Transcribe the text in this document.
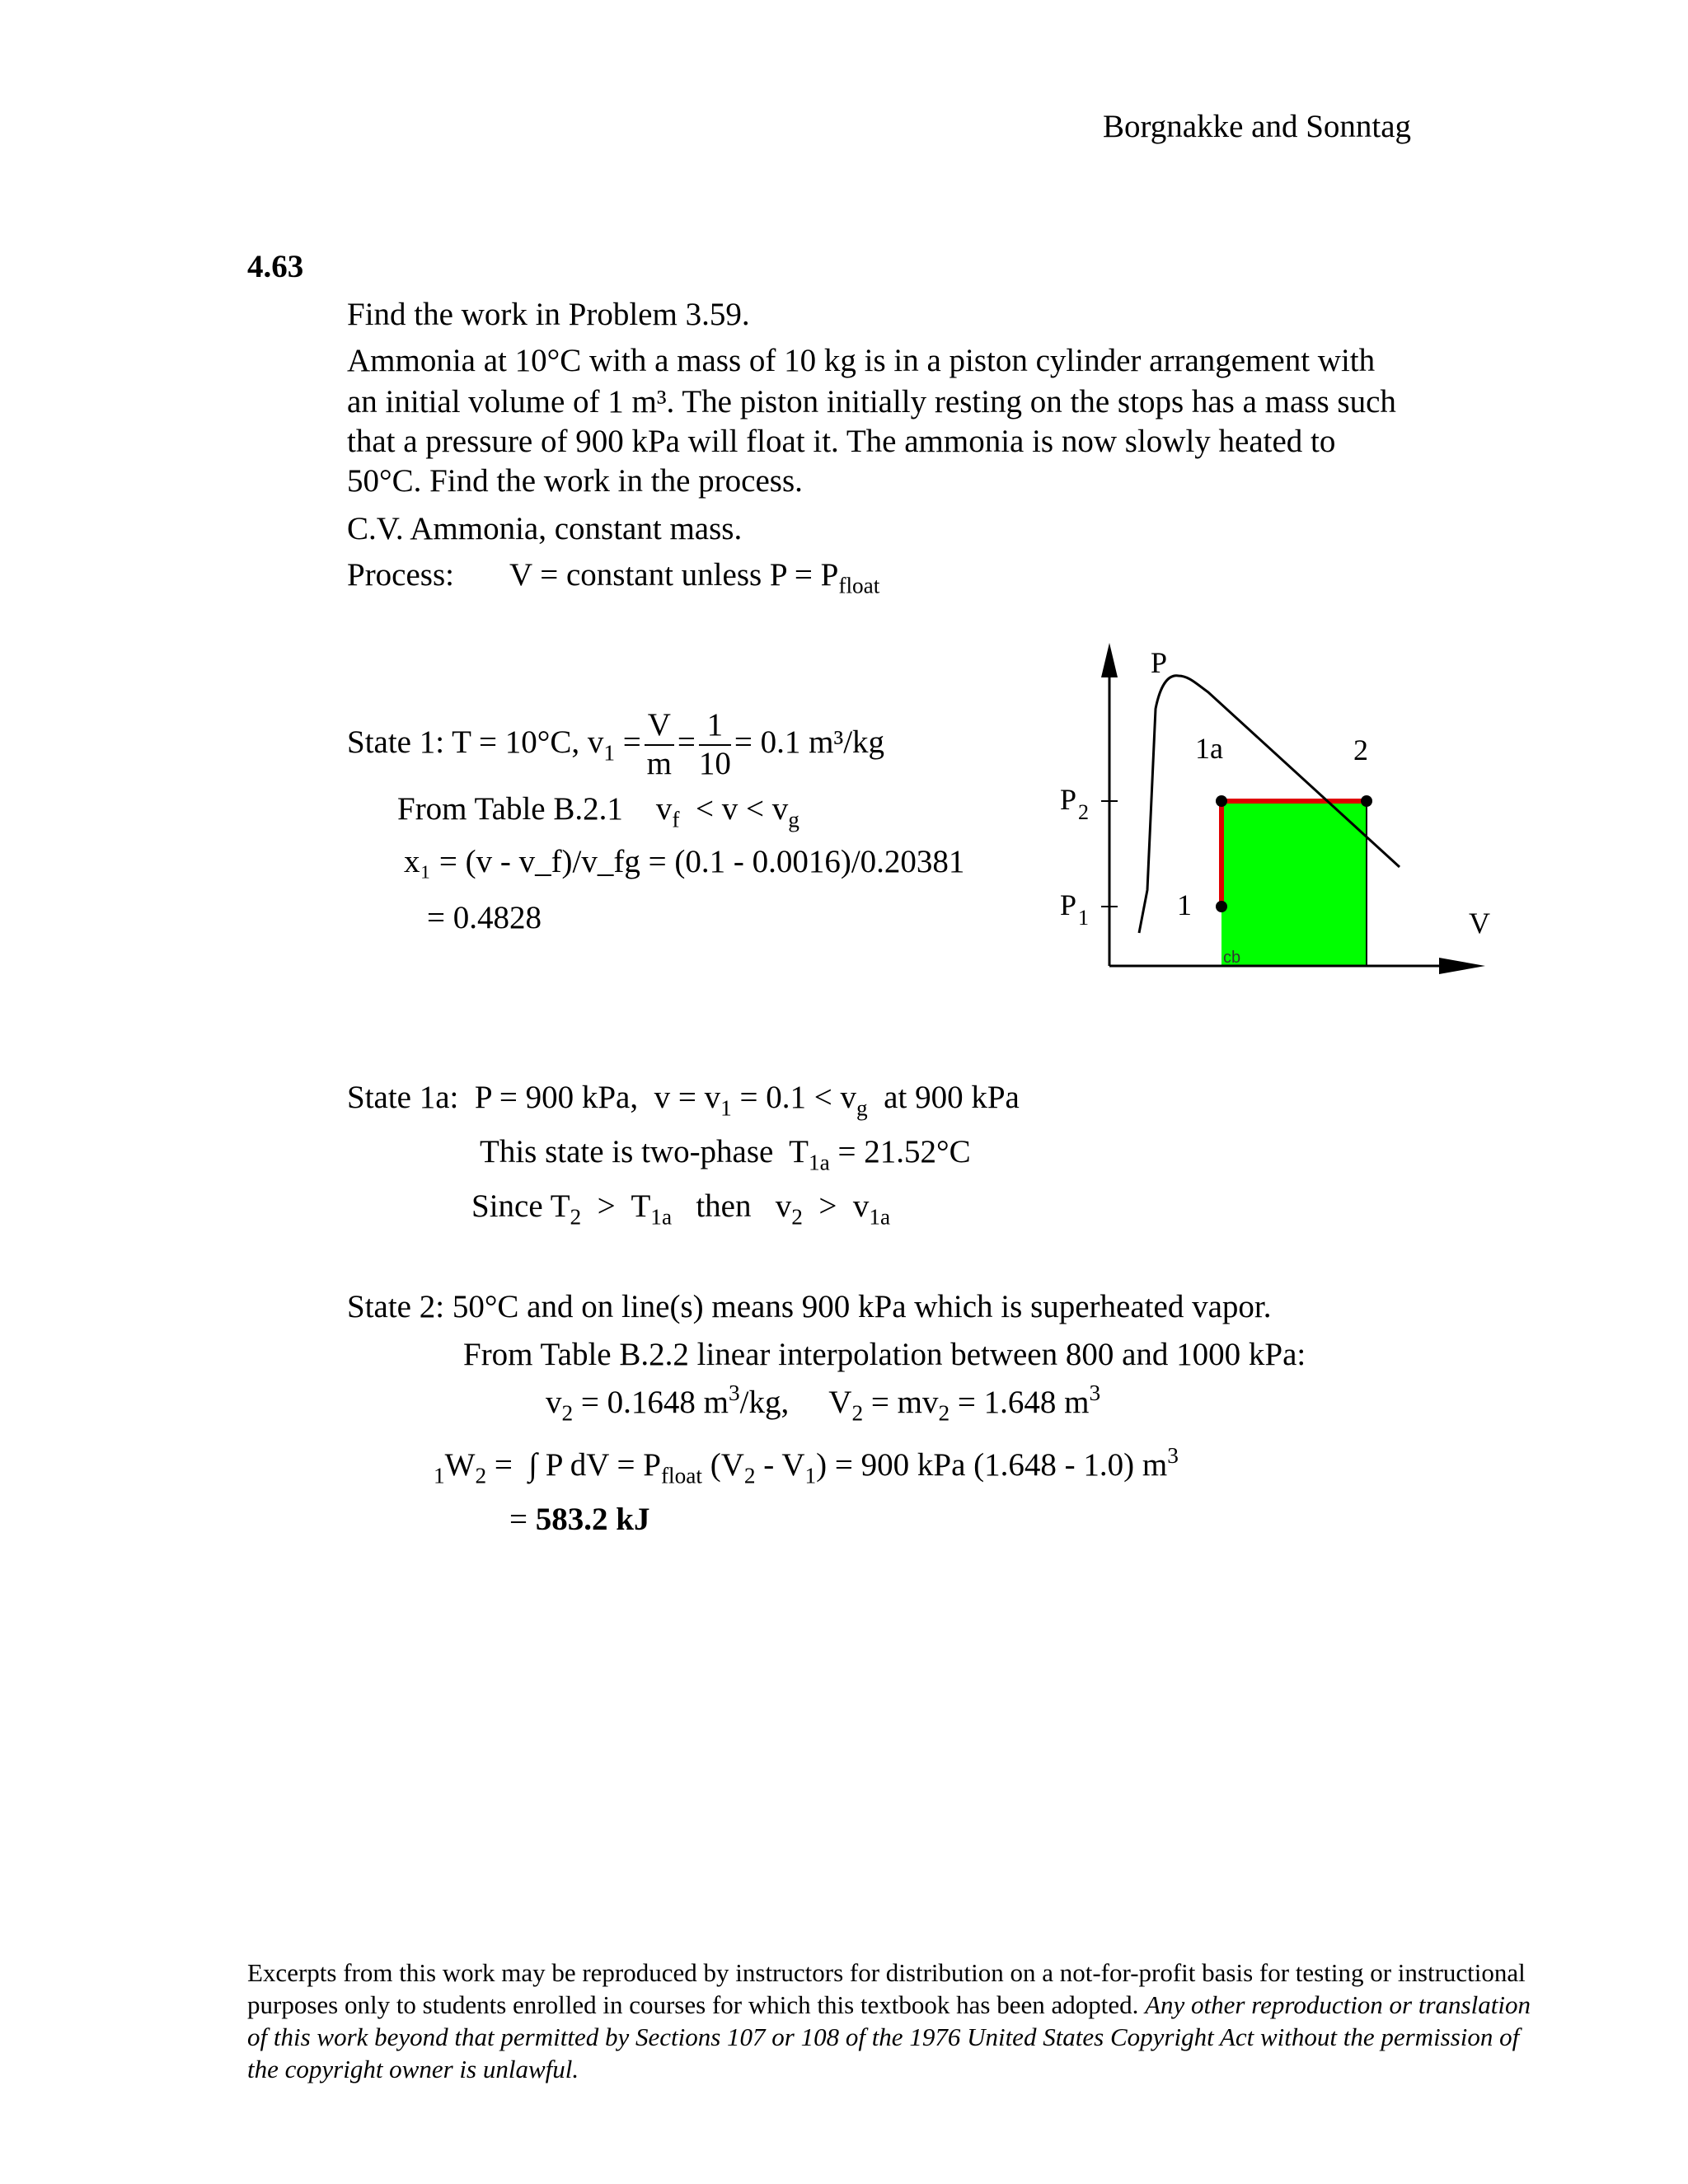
Borgnakke and Sonntag
4.63
Find the work in Problem 3.59.
Ammonia at 10°C with a mass of 10 kg is in a piston cylinder arrangement with
an initial volume of 1 m³. The piston initially resting on the stops has a mass such
that a pressure of 900 kPa will float it. The ammonia is now slowly heated to
50°C. Find the work in the process.
C.V. Ammonia, constant mass.
Process: V = constant unless $P = P_{float}$
State 1: T = 10°C, $v_1 = \frac{V}{m} = \frac{1}{10} = 0.1$ m³/kg
From Table B.2.1 $v_f < v < v_g$
x₁ = (v - v_f)/v_fg = (0.1 - 0.0016)/0.20381
= 0.4828
P
V
P 2
P 1	1
1a	2
cb
State 1a:  P = 900 kPa,  $v = v_1 = 0.1 < v_g$  at 900 kPa
This state is two-phase  $T_{1a} = 21.52^\circ C$
Since $T_2 > T_{1a}$   then   $v_2 > v_{1a}$
State 2: 50°C and on line(s) means 900 kPa which is superheated vapor.
From Table B.2.2 linear interpolation between 800 and 1000 kPa:
$v_2 = 0.1648$ $m^3/kg$,     $V_2 = mv_2 = 1.648$ $m^3$
$_1W_2$ =  ∫ P dV = $P_{float}$ $(V_2 - V_1) = 900$ kPa (1.648 - 1.0) $m^3$
= 583.2 kJ
Excerpts from this work may be reproduced by instructors for distribution on a not-for-profit basis for testing or instructional purposes only to students enrolled in courses for which this textbook has been adopted. Any other reproduction or translation of this work beyond that permitted by Sections 107 or 108 of the 1976 United States Copyright Act without the permission of the copyright owner is unlawful.
